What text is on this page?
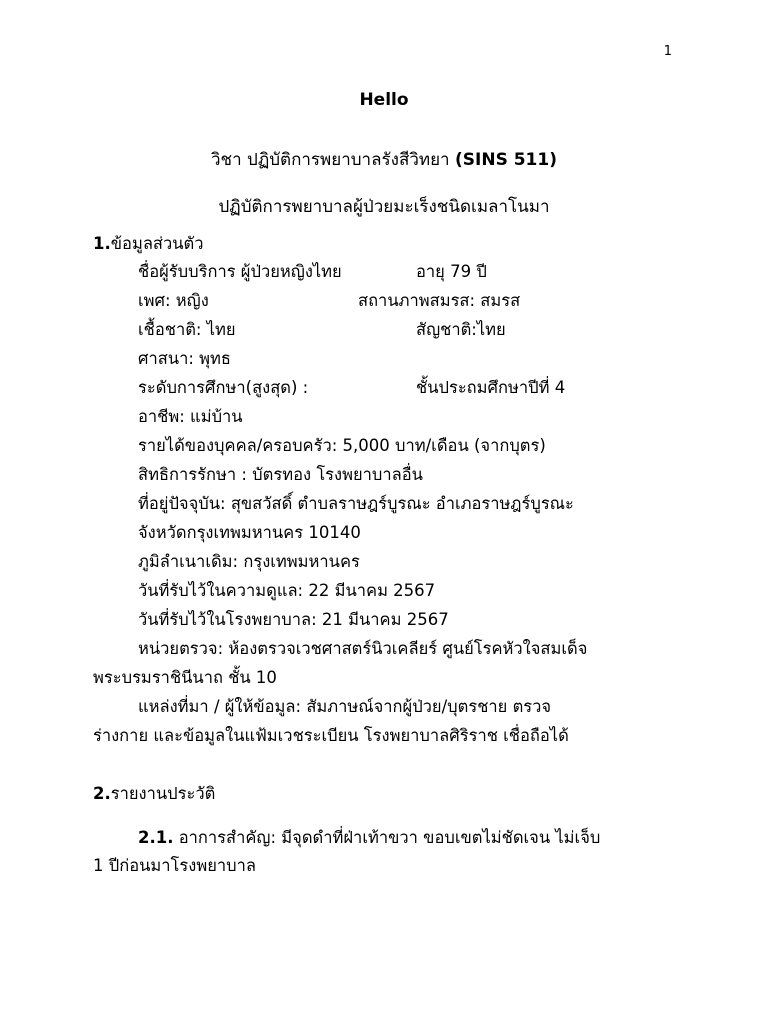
1
Hello
วิชา ปฏิบัติการพยาบาลรังสีวิทยา (SINS 511)
ปฏิบัติการพยาบาลผู้ป่วยมะเร็งชนิดเมลาโนมา
1.ข้อมูลส่วนตัว
ชื่อผู้รับบริการ ผู้ป่วยหญิงไทย	อายุ 79 ปี
เพศ: หญิง	สถานภาพสมรส: สมรส
เชื้อชาติ: ไทย	สัญชาติ:ไทย
ศาสนา: พุทธ
ระดับการศึกษา(สูงสุด) :	ชั้นประถมศึกษาปีที่ 4
อาชีพ: แม่บ้าน
รายได้ของบุคคล/ครอบครัว: 5,000 บาท/เดือน (จากบุตร)
สิทธิการรักษา : บัตรทอง โรงพยาบาลอื่น
ที่อยู่ปัจจุบัน: สุขสวัสดิ์ ตำบลราษฎร์บูรณะ อำเภอราษฎร์บูรณะ
จังหวัดกรุงเทพมหานคร 10140
ภูมิลำเนาเดิม: กรุงเทพมหานคร
วันที่รับไว้ในความดูแล: 22 มีนาคม 2567
วันที่รับไว้ในโรงพยาบาล: 21 มีนาคม 2567
หน่วยตรวจ: ห้องตรวจเวชศาสตร์นิวเคลียร์ ศูนย์โรคหัวใจสมเด็จ
พระบรมราชินีนาถ ชั้น 10
แหล่งที่มา / ผู้ให้ข้อมูล: สัมภาษณ์จากผู้ป่วย/บุตรชาย ตรวจ
ร่างกาย และข้อมูลในแฟ้มเวชระเบียน โรงพยาบาลศิริราช เชื่อถือได้
2.รายงานประวัติ
2.1. อาการสำคัญ: มีจุดดำที่ฝ่าเท้าขวา ขอบเขตไม่ชัดเจน ไม่เจ็บ
1 ปีก่อนมาโรงพยาบาล
